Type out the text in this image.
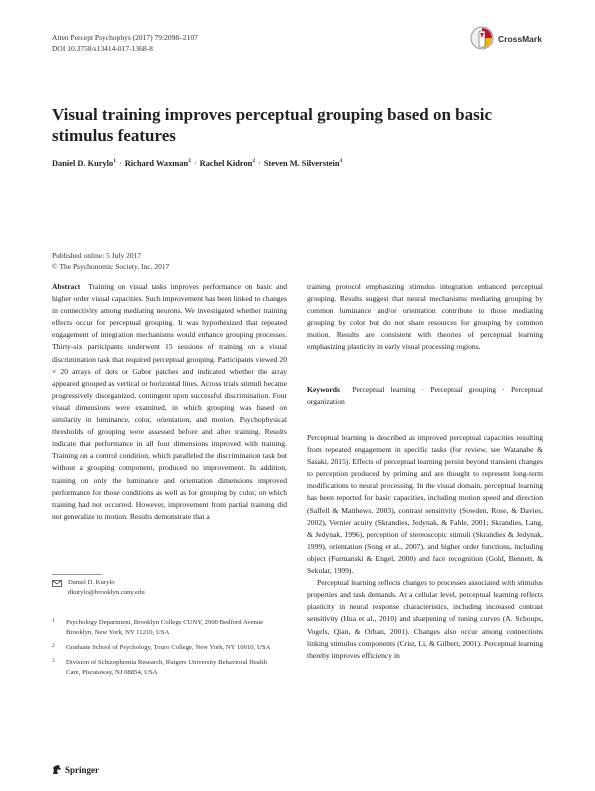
Atten Percept Psychophys (2017) 79:2098–2107
DOI 10.3758/s13414-017-1368-8
CrossMark
Visual training improves perceptual grouping based on basic stimulus features
Daniel D. Kurylo$^1$ · Richard Waxman$^2$ · Rachel Kidron$^2$ · Steven M. Silverstein$^3$
Published online: 5 July 2017
© The Psychonomic Society, Inc. 2017

Abstract Training on visual tasks improves performance on basic and higher order visual capacities. Such improvement has been linked to changes in connectivity among mediating neurons. We investigated whether training effects occur for perceptual grouping. It was hypothesized that repeated engagement of integration mechanisms would enhance grouping processes. Thirty-six participants underwent 15 sessions of training on a visual discrimination task that required perceptual grouping. Participants viewed 20 × 20 arrays of dots or Gabor patches and indicated whether the array appeared grouped as vertical or horizontal lines. Across trials stimuli became progressively disorganized, contingent upon successful discrimination. Four visual dimensions were examined, in which grouping was based on similarity in luminance, color, orientation, and motion. Psychophysical thresholds of grouping were assessed before and after training. Results indicate that performance in all four dimensions improved with training. Training on a control condition, which paralleled the discrimination task but without a grouping component, produced no improvement. In addition, training on only the luminance and orientation dimensions improved performance for those conditions as well as for grouping by color, on which training had not occurred. However, improvement from partial training did not generalize to motion. Results demonstrate that a

Daniel D. Kurylo
dkurylo@brooklyn.cuny.edu
1 Psychology Department, Brooklyn College CUNY, 2900 Bedford Avenue Brooklyn, New York, NY 11210, USA
2 Graduate School of Psychology, Touro College, New York, NY 10010, USA
3 Division of Schizophrenia Research, Rutgers University Behavioral Health Care, Piscataway, NJ 08854, USA

training protocol emphasizing stimulus integration enhanced perceptual grouping. Results suggest that neural mechanisms mediating grouping by common luminance and/or orientation contribute to those mediating grouping by color but do not share resources for grouping by common motion. Results are consistent with theories of perceptual learning emphasizing plasticity in early visual processing regions.

Keywords Perceptual learning · Perceptual grouping · Perceptual organization

Perceptual learning is described as improved perceptual capacities resulting from repeated engagement in specific tasks (for review, see Watanabe & Sasaki, 2015). Effects of perceptual learning persist beyond transient changes to perception produced by priming and are thought to represent long-term modifications to neural processing. In the visual domain, perceptual learning has been reported for basic capacities, including motion speed and direction (Saffell & Matthews, 2003), contrast sensitivity (Sowden, Rose, & Davies, 2002), Vernier acuity (Skrandies, Jedynak, & Fahle, 2001; Skrandies, Lang, & Jedynak, 1996), perception of stereoscopic stimuli (Skrandies & Jedynak, 1999), orientation (Song et al., 2007), and higher order functions, including object (Furmanski & Engel, 2000) and face recognition (Gold, Bennett, & Sekular, 1999).

Perceptual learning reflects changes to processes associated with stimulus properties and task demands. At a cellular level, perceptual learning reflects plasticity in neural response characteristics, including increased contrast sensitivity (Hua et al., 2010) and sharpening of tuning curves (A. Schoups, Vogels, Qian, & Orban, 2001). Changes also occur among connections linking stimulus components (Crist, Li, & Gilbert, 2001). Perceptual learning thereby improves efficiency in

Springer
